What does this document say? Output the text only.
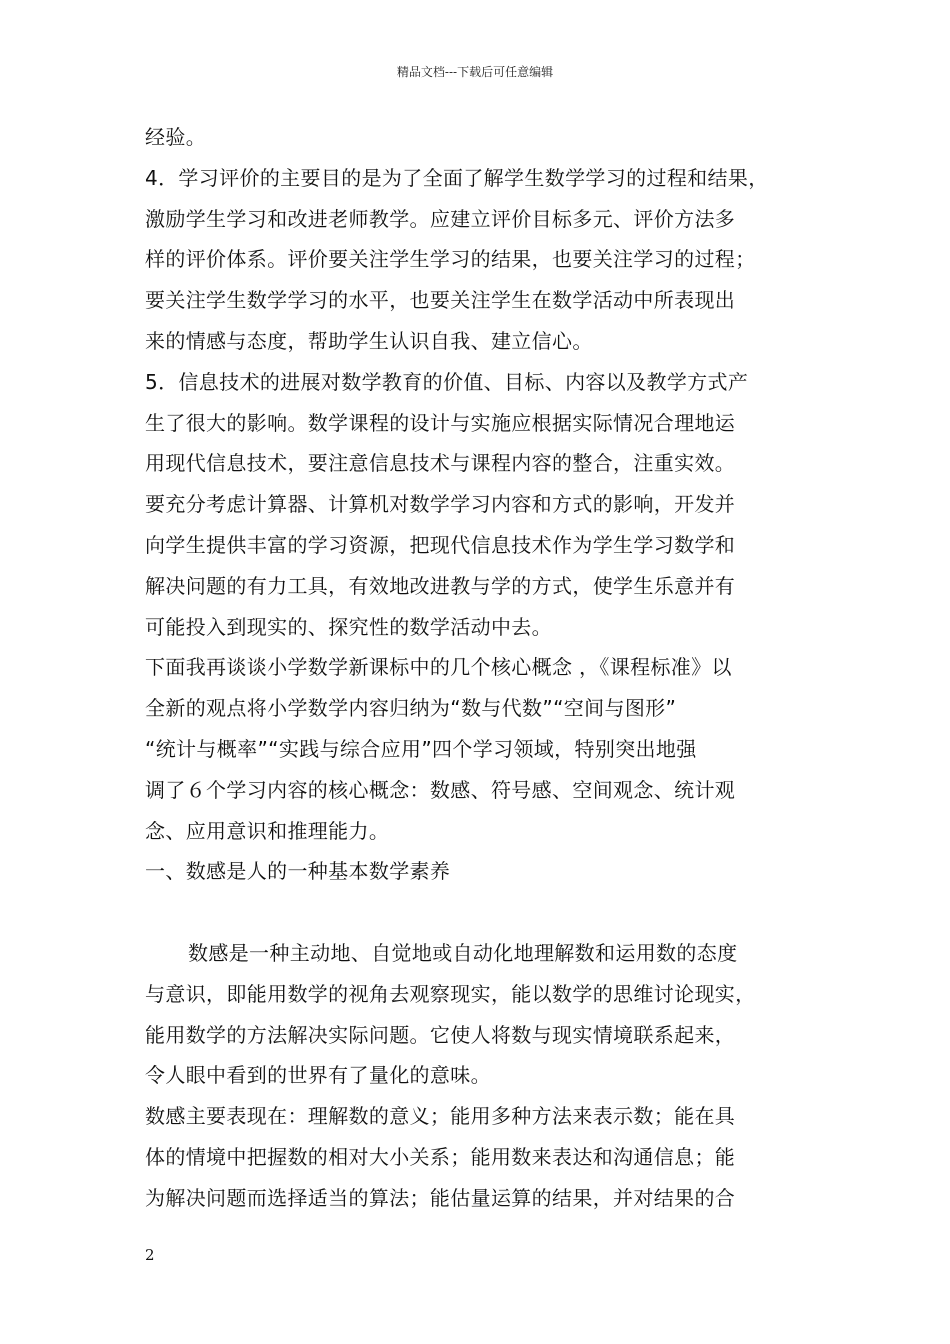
精品文档---下载后可任意编辑
经验。
4．学习评价的主要目的是为了全面了解学生数学学习的过程和结果，
激励学生学习和改进老师教学。应建立评价目标多元、评价方法多
样的评价体系。评价要关注学生学习的结果，也要关注学习的过程；
要关注学生数学学习的水平，也要关注学生在数学活动中所表现出
来的情感与态度，帮助学生认识自我、建立信心。
5．信息技术的进展对数学教育的价值、目标、内容以及教学方式产
生了很大的影响。数学课程的设计与实施应根据实际情况合理地运
用现代信息技术，要注意信息技术与课程内容的整合，注重实效。
要充分考虑计算器、计算机对数学学习内容和方式的影响，开发并
向学生提供丰富的学习资源，把现代信息技术作为学生学习数学和
解决问题的有力工具，有效地改进教与学的方式，使学生乐意并有
可能投入到现实的、探究性的数学活动中去。
下面我再谈谈小学数学新课标中的几个核心概念 ，《课程标准》以
全新的观点将小学数学内容归纳为“数与代数”“空间与图形”
“统计与概率”“实践与综合应用”四个学习领域，特别突出地强
调了６个学习内容的核心概念：数感、符号感、空间观念、统计观
念、应用意识和推理能力。
一、数感是人的一种基本数学素养
数感是一种主动地、自觉地或自动化地理解数和运用数的态度
与意识，即能用数学的视角去观察现实，能以数学的思维讨论现实，
能用数学的方法解决实际问题。它使人将数与现实情境联系起来，
令人眼中看到的世界有了量化的意味。
数感主要表现在：理解数的意义；能用多种方法来表示数；能在具
体的情境中把握数的相对大小关系；能用数来表达和沟通信息；能
为解决问题而选择适当的算法；能估量运算的结果，并对结果的合
2
